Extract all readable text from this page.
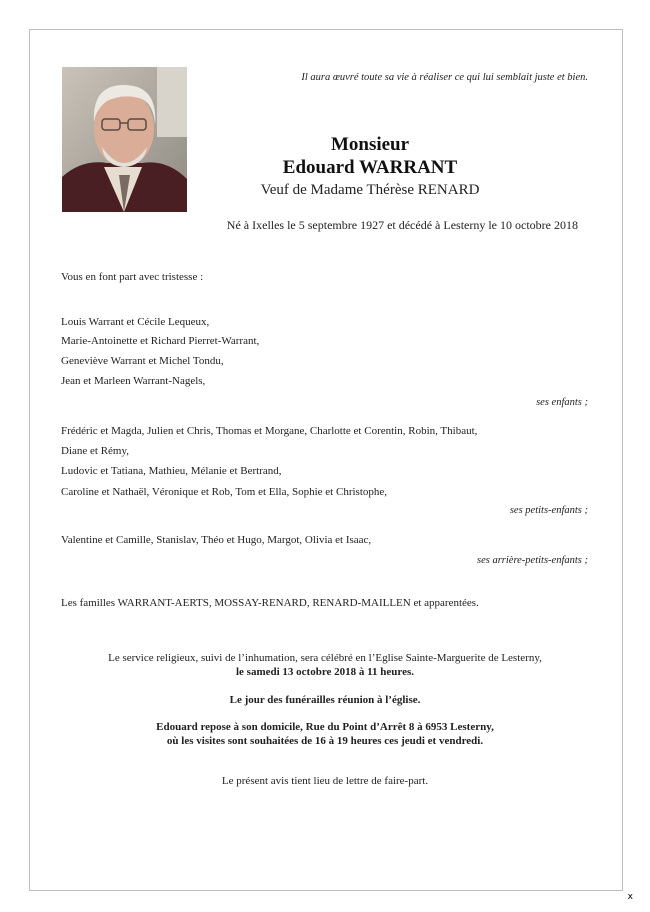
Il aura œuvré toute sa vie à réaliser ce qui lui semblait juste et bien.
Monsieur
Edouard WARRANT
Veuf de Madame Thérèse RENARD
Né à Ixelles le 5 septembre 1927 et décédé à Lesterny le 10 octobre 2018
Vous en font part avec tristesse :
Louis Warrant et Cécile Lequeux,
Marie-Antoinette et Richard Pierret-Warrant,
Geneviève Warrant et Michel Tondu,
Jean et Marleen Warrant-Nagels,
ses enfants ;
Frédéric et Magda, Julien et Chris, Thomas et Morgane, Charlotte et Corentin, Robin, Thibaut,
Diane et Rémy,
Ludovic et Tatiana, Mathieu, Mélanie et Bertrand,
Caroline et Nathaël, Véronique et Rob, Tom et Ella, Sophie et Christophe,
ses petits-enfants ;
Valentine et Camille, Stanislav, Théo et Hugo, Margot, Olivia et Isaac,
ses arrière-petits-enfants ;
Les familles WARRANT-AERTS, MOSSAY-RENARD, RENARD-MAILLEN et apparentées.
Le service religieux, suivi de l’inhumation, sera célébré en l’Eglise Sainte-Marguerite de Lesterny,
le samedi 13 octobre 2018 à 11 heures.
Le jour des funérailles réunion à l’église.
Edouard repose à son domicile, Rue du Point d’Arrêt 8 à 6953 Lesterny,
où les visites sont souhaitées de 16 à 19 heures ces jeudi et vendredi.
Le présent avis tient lieu de lettre de faire-part.
x
